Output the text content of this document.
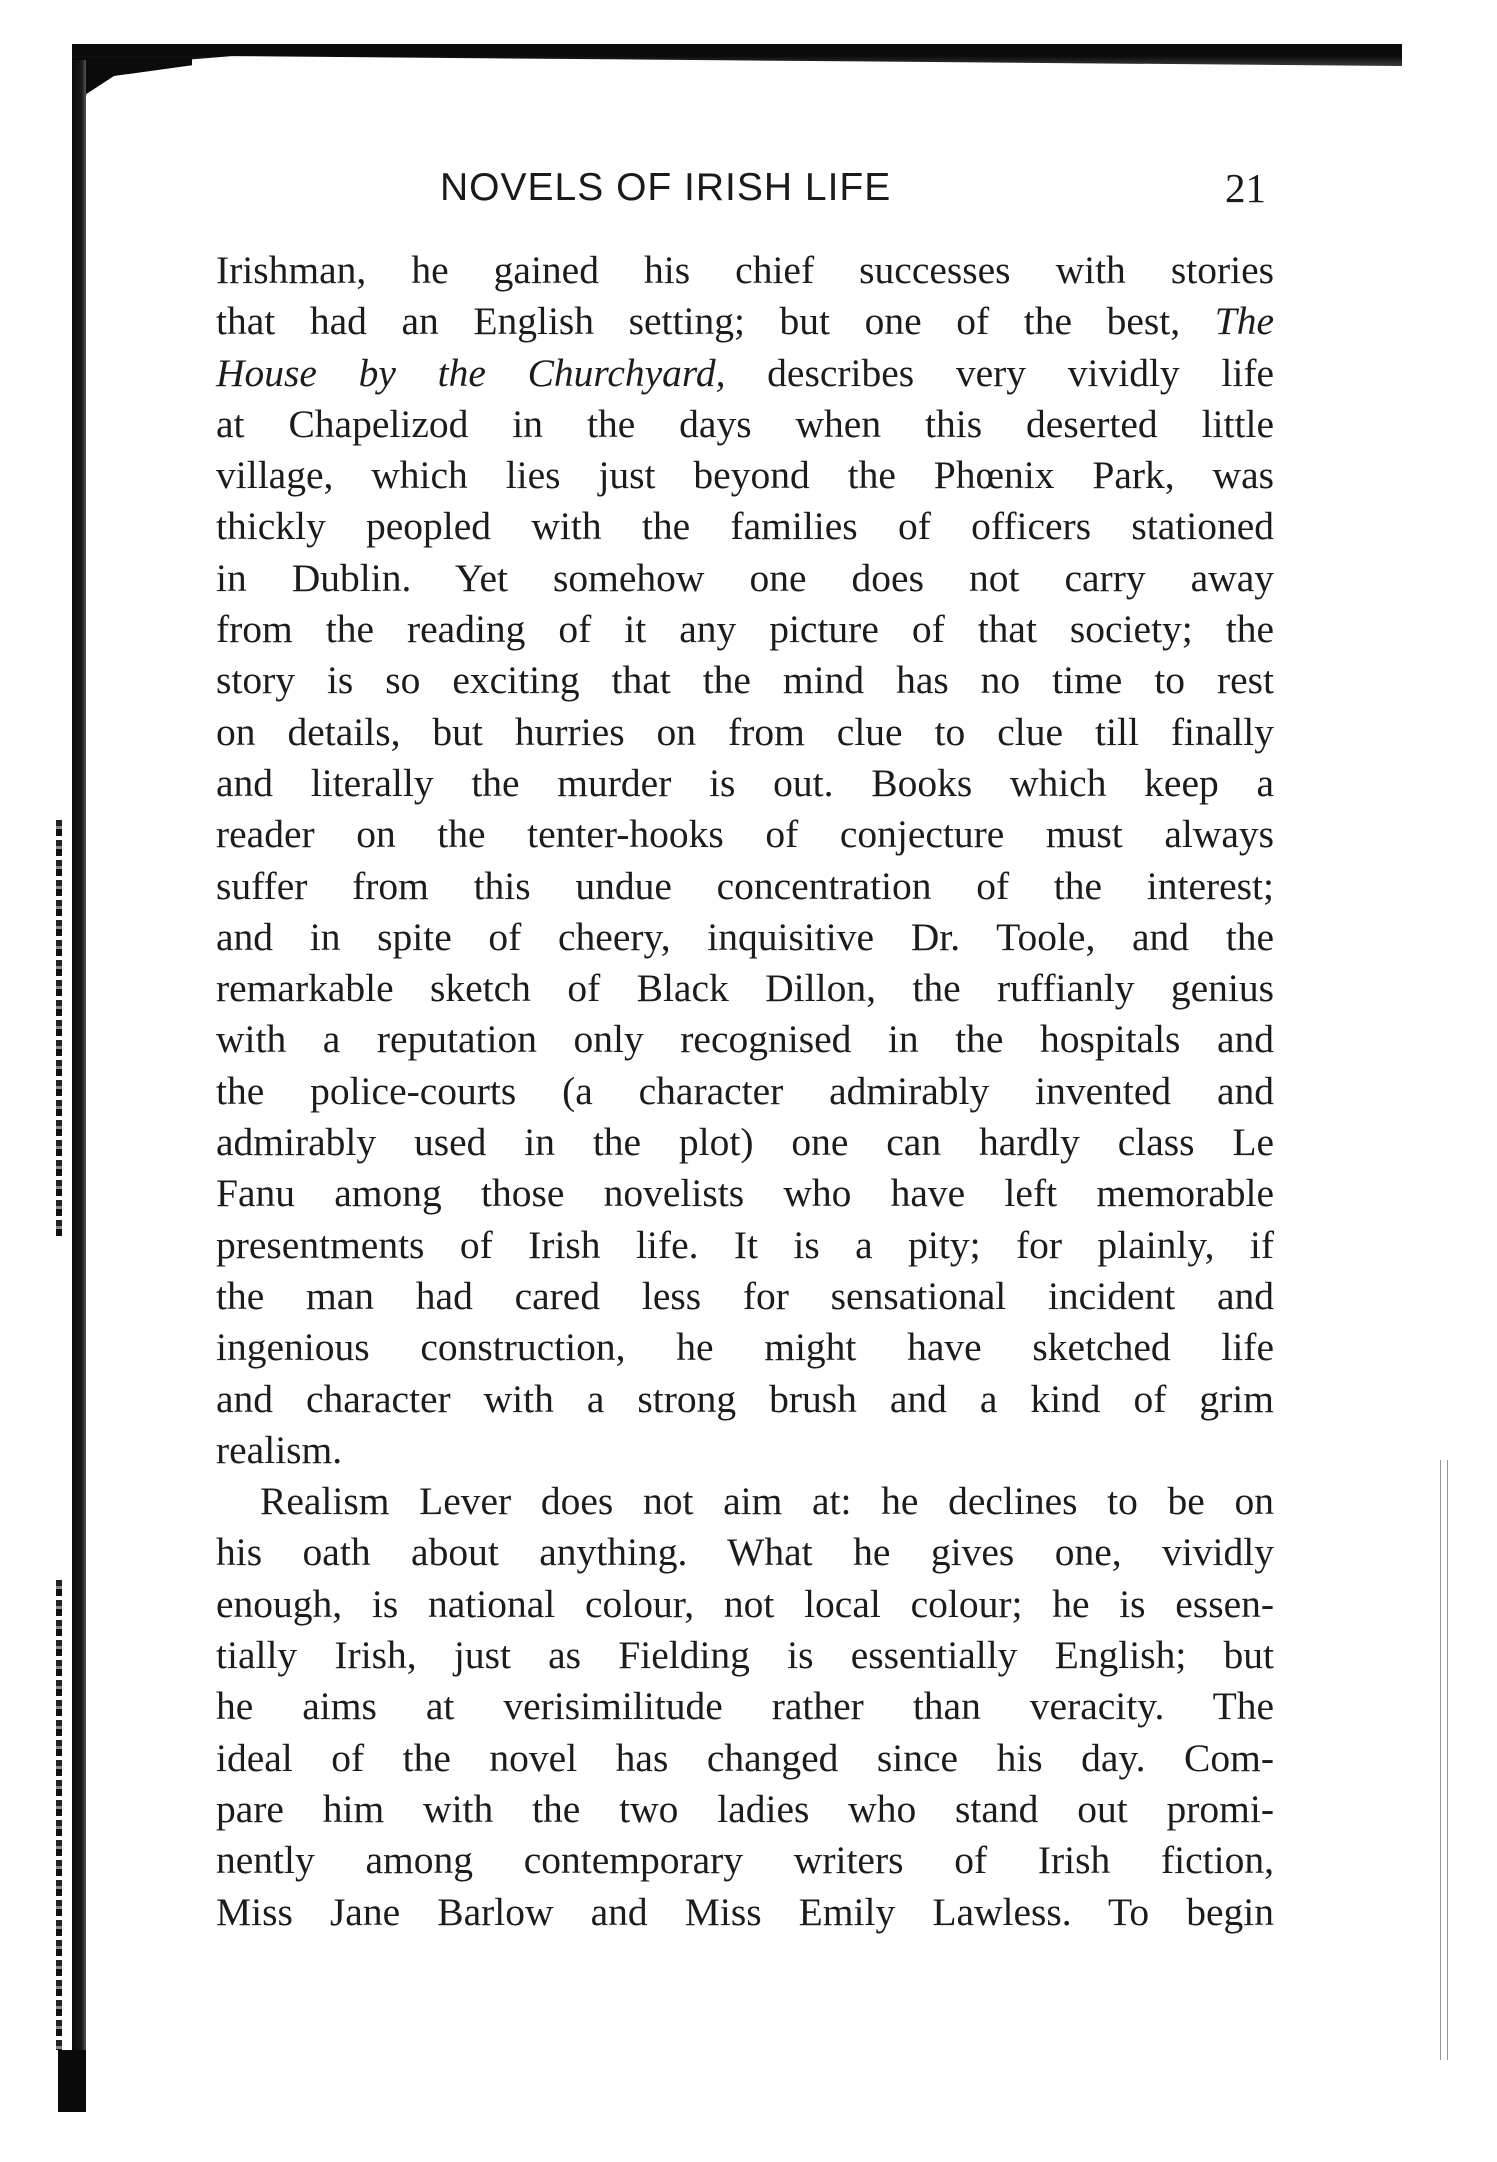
NOVELS OF IRISH LIFE	21
Irishman, he gained his chief successes with stories
that had an English setting; but one of the best, The
House by the Churchyard, describes very vividly life
at Chapelizod in the days when this deserted little
village, which lies just beyond the Phœnix Park, was
thickly peopled with the families of officers stationed
in Dublin. Yet somehow one does not carry away
from the reading of it any picture of that society; the
story is so exciting that the mind has no time to rest
on details, but hurries on from clue to clue till finally
and literally the murder is out. Books which keep a
reader on the tenter-hooks of conjecture must always
suffer from this undue concentration of the interest;
and in spite of cheery, inquisitive Dr. Toole, and the
remarkable sketch of Black Dillon, the ruffianly genius
with a reputation only recognised in the hospitals and
the police-courts (a character admirably invented and
admirably used in the plot) one can hardly class Le
Fanu among those novelists who have left memorable
presentments of Irish life. It is a pity; for plainly, if
the man had cared less for sensational incident and
ingenious construction, he might have sketched life
and character with a strong brush and a kind of grim
realism.
Realism Lever does not aim at: he declines to be on
his oath about anything. What he gives one, vividly
enough, is national colour, not local colour; he is essen-
tially Irish, just as Fielding is essentially English; but
he aims at verisimilitude rather than veracity. The
ideal of the novel has changed since his day. Com-
pare him with the two ladies who stand out promi-
nently among contemporary writers of Irish fiction,
Miss Jane Barlow and Miss Emily Lawless. To begin
